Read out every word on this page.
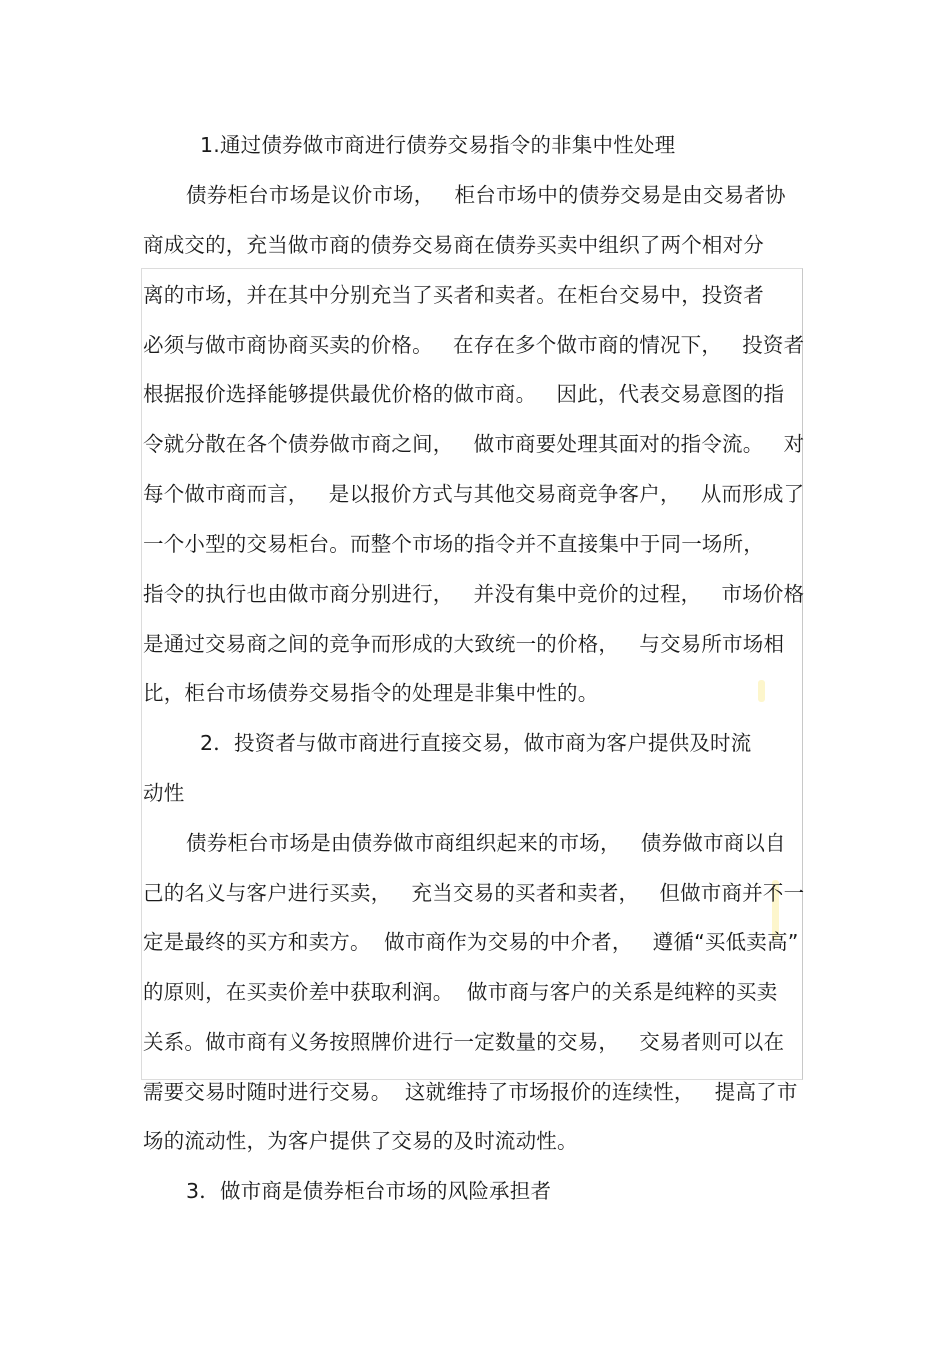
1.通过债券做市商进行债券交易指令的非集中性处理
债券柜台市场是议价市场，   柜台市场中的债券交易是由交易者协
商成交的，充当做市商的债券交易商在债券买卖中组织了两个相对分
离的市场，并在其中分别充当了买者和卖者。在柜台交易中，投资者
必须与做市商协商买卖的价格。   在存在多个做市商的情况下，   投资者
根据报价选择能够提供最优价格的做市商。   因此，代表交易意图的指
令就分散在各个债券做市商之间，   做市商要处理其面对的指令流。   对
每个做市商而言，   是以报价方式与其他交易商竞争客户，   从而形成了
一个小型的交易柜台。而整个市场的指令并不直接集中于同一场所，
指令的执行也由做市商分别进行，   并没有集中竞价的过程，   市场价格
是通过交易商之间的竞争而形成的大致统一的价格，   与交易所市场相
比，柜台市场债券交易指令的处理是非集中性的。
2．投资者与做市商进行直接交易，做市商为客户提供及时流
动性
债券柜台市场是由债券做市商组织起来的市场，   债券做市商以自
己的名义与客户进行买卖，   充当交易的买者和卖者，   但做市商并不一
定是最终的买方和卖方。  做市商作为交易的中介者，   遵循“买低卖高”
的原则，在买卖价差中获取利润。  做市商与客户的关系是纯粹的买卖
关系。做市商有义务按照牌价进行一定数量的交易，   交易者则可以在
需要交易时随时进行交易。  这就维持了市场报价的连续性，   提高了市
场的流动性，为客户提供了交易的及时流动性。
3．做市商是债券柜台市场的风险承担者
